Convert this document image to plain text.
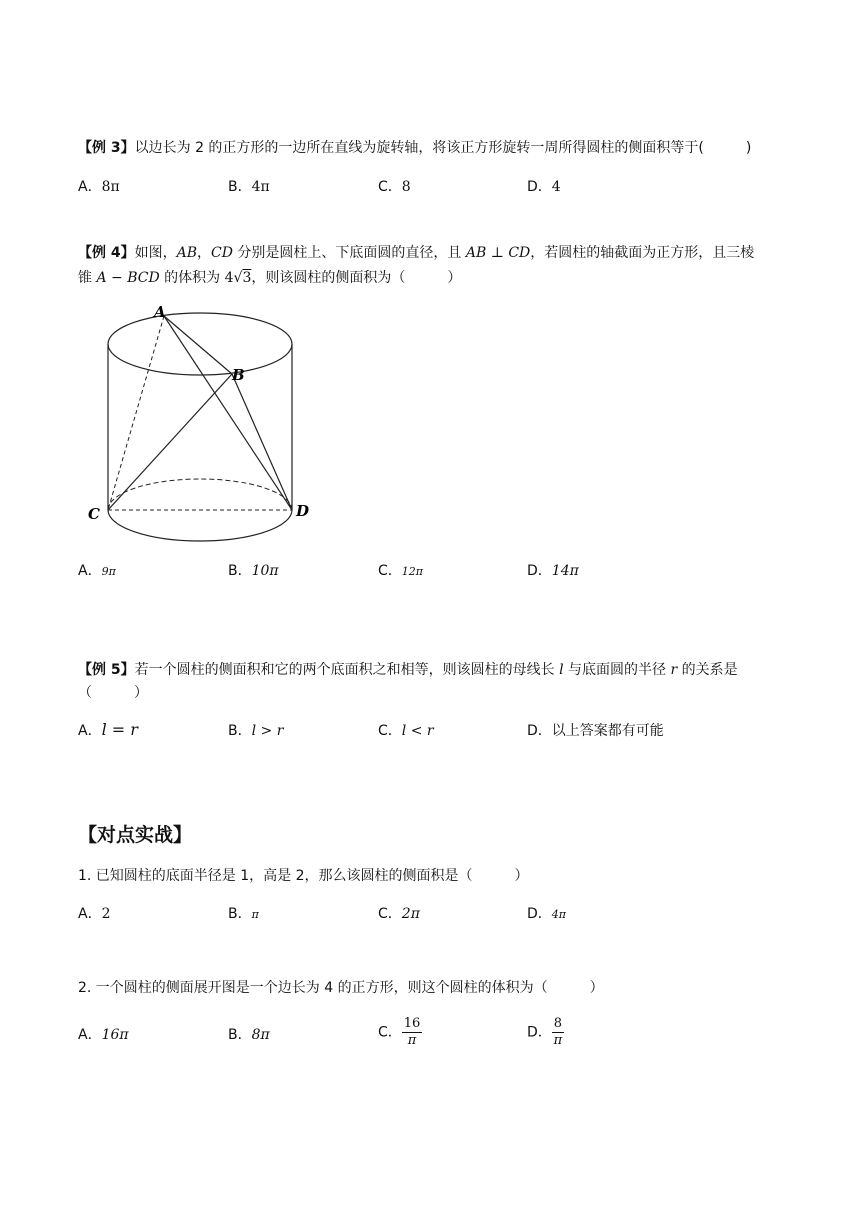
【例 3】以边长为 2 的正方形的一边所在直线为旋转轴，将该正方形旋转一周所得圆柱的侧面积等于(　　　)
A．8π	B．4π	C．8	D．4
【例 4】如图，AB，CD 分别是圆柱上、下底面圆的直径，且 AB ⊥ CD，若圆柱的轴截面为正方形，且三棱
锥 A − BCD 的体积为 4√3，则该圆柱的侧面积为（　　　）
A
B
C	D
A．9π	B．10π	C．12π	D．14π
【例 5】若一个圆柱的侧面积和它的两个底面积之和相等，则该圆柱的母线长 l 与底面圆的半径 r 的关系是
（　　　）
A．l = r	B．l > r	C．l < r	D．以上答案都有可能
【对点实战】
1. 已知圆柱的底面半径是 1，高是 2，那么该圆柱的侧面积是（　　　）
A．2	B．π	C．2π	D．4π
2. 一个圆柱的侧面展开图是一个边长为 4 的正方形，则这个圆柱的体积为（　　　）
A．16π	B．8π	C． $\frac{16}{\pi}$	D． $\frac{8}{\pi}$
